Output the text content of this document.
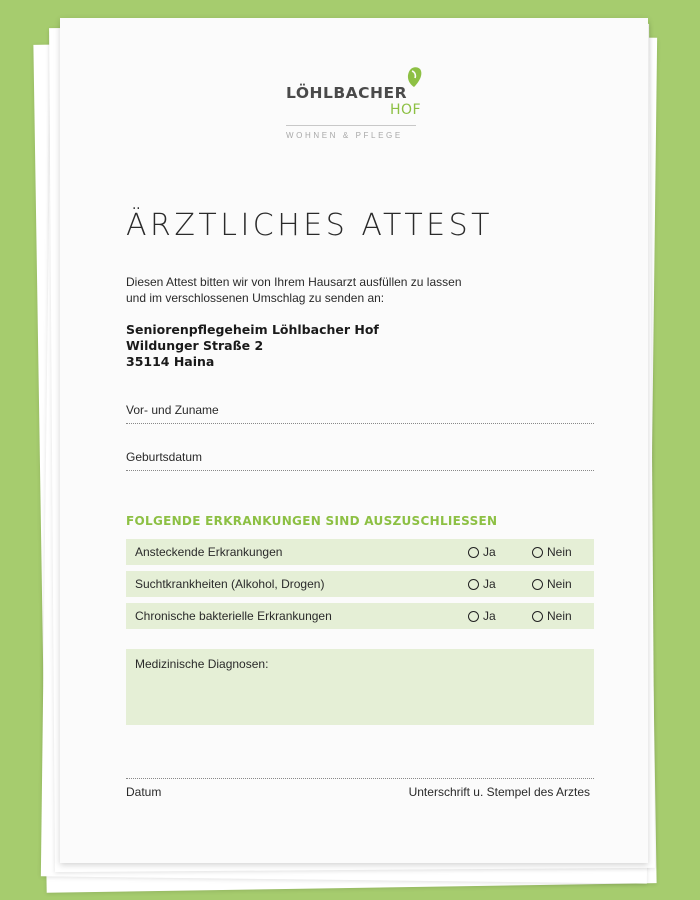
LÖHLBACHER
HOF
WOHNEN & PFLEGE
ÄRZTLICHES ATTEST
Diesen Attest bitten wir von Ihrem Hausarzt ausfüllen zu lassen
und im verschlossenen Umschlag zu senden an:
Seniorenpflegeheim Löhlbacher Hof
Wildunger Straße 2
35114 Haina
Vor- und Zuname
Geburtsdatum
FOLGENDE ERKRANKUNGEN SIND AUSZUSCHLIESSEN
Ansteckende Erkrankungen	Ja	Nein
Suchtkrankheiten (Alkohol, Drogen)	Ja	Nein
Chronische bakterielle Erkrankungen	Ja	Nein
Medizinische Diagnosen:
Datum	Unterschrift u. Stempel des Arztes
